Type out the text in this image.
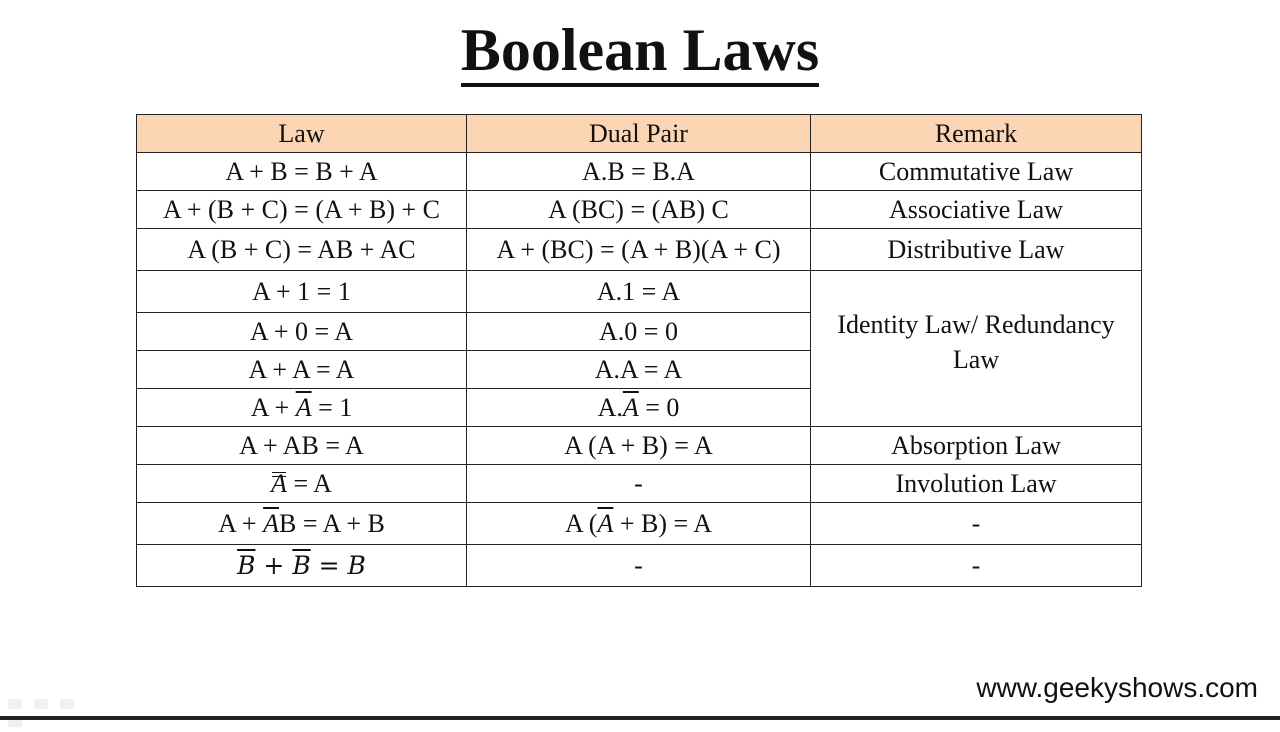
Boolean Laws
Law	Dual Pair	Remark
A + B = B + A	A.B = B.A	Commutative Law
A + (B + C) = (A + B) + C	A (BC) = (AB) C	Associative Law
A (B + C) = AB + AC	A + (BC) = (A + B)(A + C)	Distributive Law
A + 1 = 1	A.1 = A	Identity Law/ Redundancy Law
A + 0 = A	A.0 = 0	
A + A = A	A.A = A	
$A + \overline{A} = 1$	$A.\overline{A} = 0$	
A + AB = A	A (A + B) = A	Absorption Law
A = A	-	Involution Law
$A + \overline{A}B = A + B$	A $(\overline{A} + B) = A$	-
$\overline{B} + \overline{B} = B$	-	-
www.geekyshows.com
